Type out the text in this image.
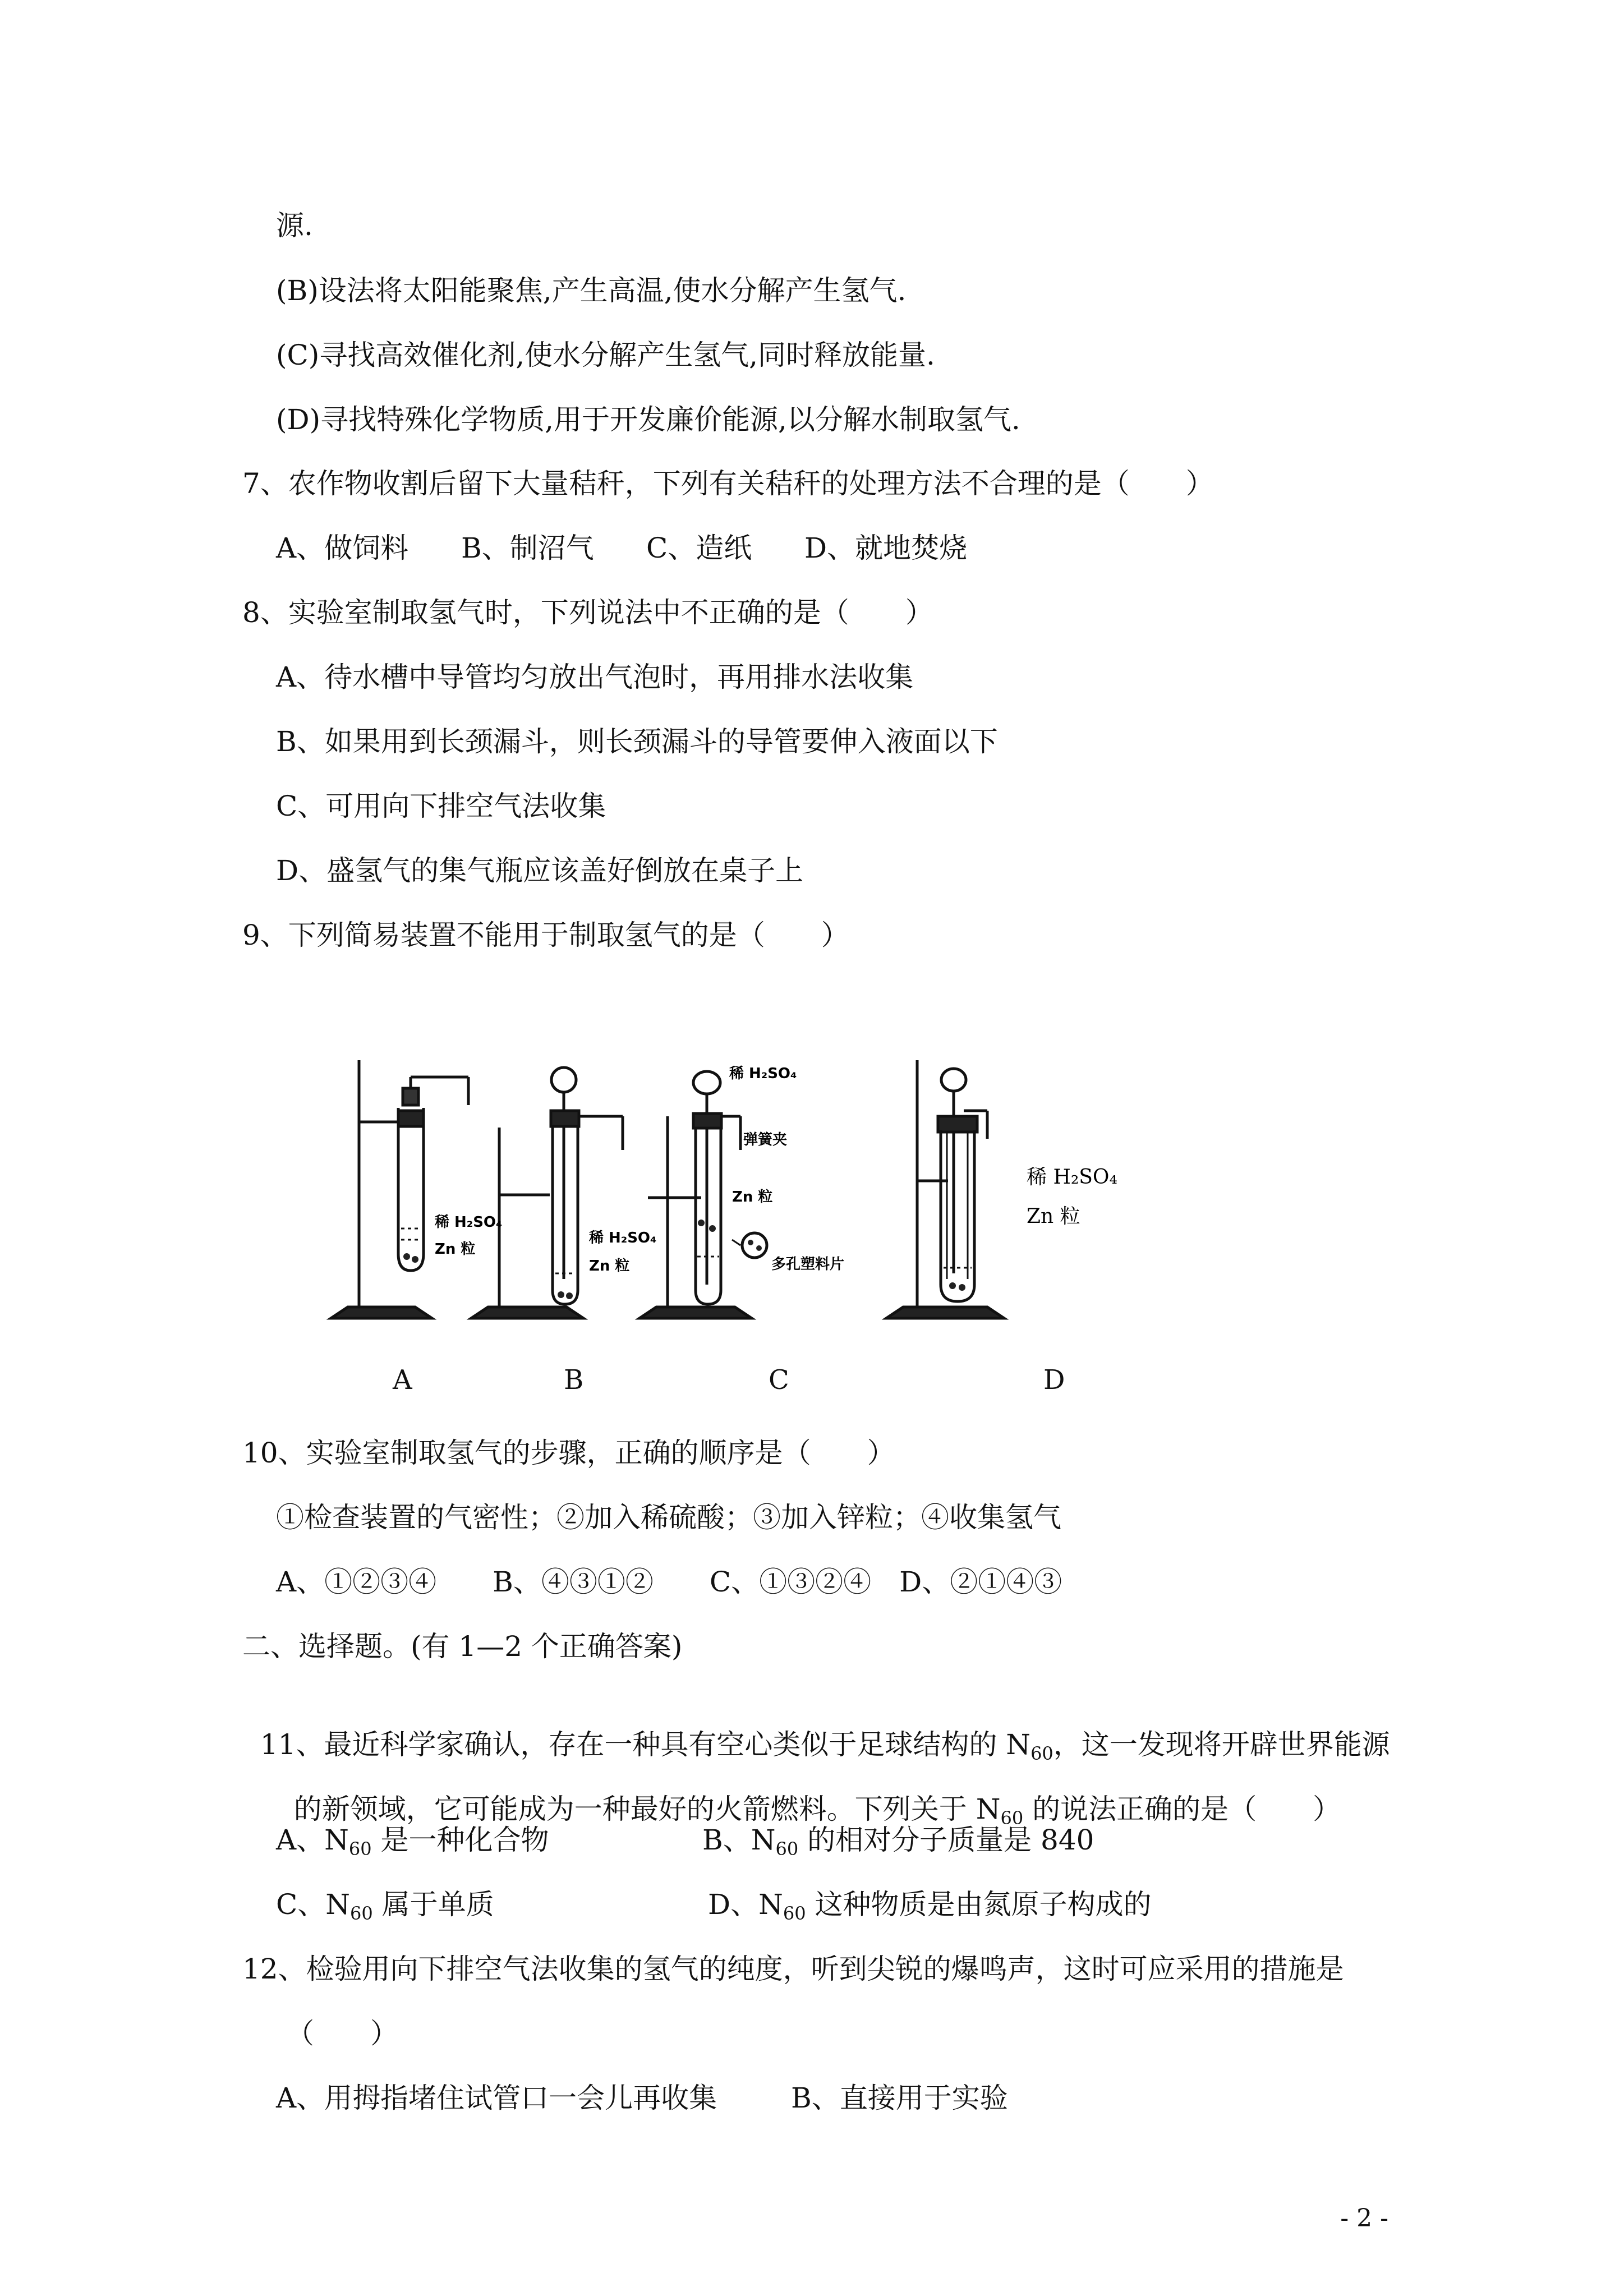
源.
(B)设法将太阳能聚焦,产生高温,使水分解产生氢气.
(C)寻找高效催化剂,使水分解产生氢气,同时释放能量.
(D)寻找特殊化学物质,用于开发廉价能源,以分解水制取氢气.
7、农作物收割后留下大量秸秆，下列有关秸秆的处理方法不合理的是（　　）
A、做饲料	B、制沼气	C、造纸	D、就地焚烧
8、实验室制取氢气时，下列说法中不正确的是（　　）
A、待水槽中导管均匀放出气泡时，再用排水法收集
B、如果用到长颈漏斗，则长颈漏斗的导管要伸入液面以下
C、可用向下排空气法收集
D、盛氢气的集气瓶应该盖好倒放在桌子上
9、下列简易装置不能用于制取氢气的是（　　）
稀 H₂SO₄
Zn 粒
稀 H₂SO₄
Zn 粒
稀 H₂SO₄
弹簧夹
Zn 粒
多孔塑料片
稀 H₂SO₄
Zn 粒
A	B	C	D
10、实验室制取氢气的步骤，正确的顺序是（　　）
①检查装置的气密性；②加入稀硫酸；③加入锌粒；④收集氢气
A、①②③④　　B、④③①②　　C、①③②④　D、②①④③
二、选择题。(有 1—2 个正确答案)

11、最近科学家确认，存在一种具有空心类似于足球结构的 $N_{60}$，这一发现将开辟世界能源

的新领域，它可能成为一种最好的火箭燃料。下列关于 $N_{60}$ 的说法正确的是（　　）

A、N60 是一种化合物	B、N60 的相对分子质量是 840
C、N60 属于单质	D、N60 这种物质是由氮原子构成的
12、检验用向下排空气法收集的氢气的纯度，听到尖锐的爆鸣声，这时可应采用的措施是
（　　）
A、用拇指堵住试管口一会儿再收集	B、直接用于实验
- 2 -
